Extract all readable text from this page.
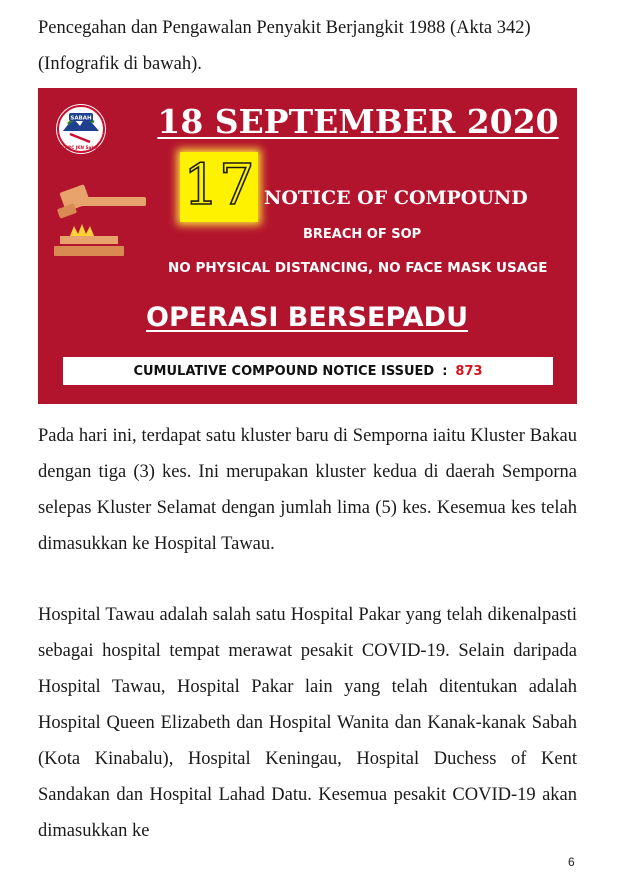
Pencegahan dan Pengawalan Penyakit Berjangkit 1988 (Akta 342) (Infografik di bawah).

SABAH
CPRC JKN Sabah
18 SEPTEMBER 2020
17 NOTICE OF COMPOUND
BREACH OF SOP
NO PHYSICAL DISTANCING, NO FACE MASK USAGE
OPERASI BERSEPADU
CUMULATIVE COMPOUND NOTICE ISSUED : 873

Pada hari ini, terdapat satu kluster baru di Semporna iaitu Kluster Bakau dengan tiga (3) kes. Ini merupakan kluster kedua di daerah Semporna selepas Kluster Selamat dengan jumlah lima (5) kes. Kesemua kes telah dimasukkan ke Hospital Tawau.

Hospital Tawau adalah salah satu Hospital Pakar yang telah dikenalpasti sebagai hospital tempat merawat pesakit COVID-19. Selain daripada Hospital Tawau, Hospital Pakar lain yang telah ditentukan adalah Hospital Queen Elizabeth dan Hospital Wanita dan Kanak-kanak Sabah (Kota Kinabalu), Hospital Keningau, Hospital Duchess of Kent Sandakan dan Hospital Lahad Datu. Kesemua pesakit COVID-19 akan dimasukkan ke

6
